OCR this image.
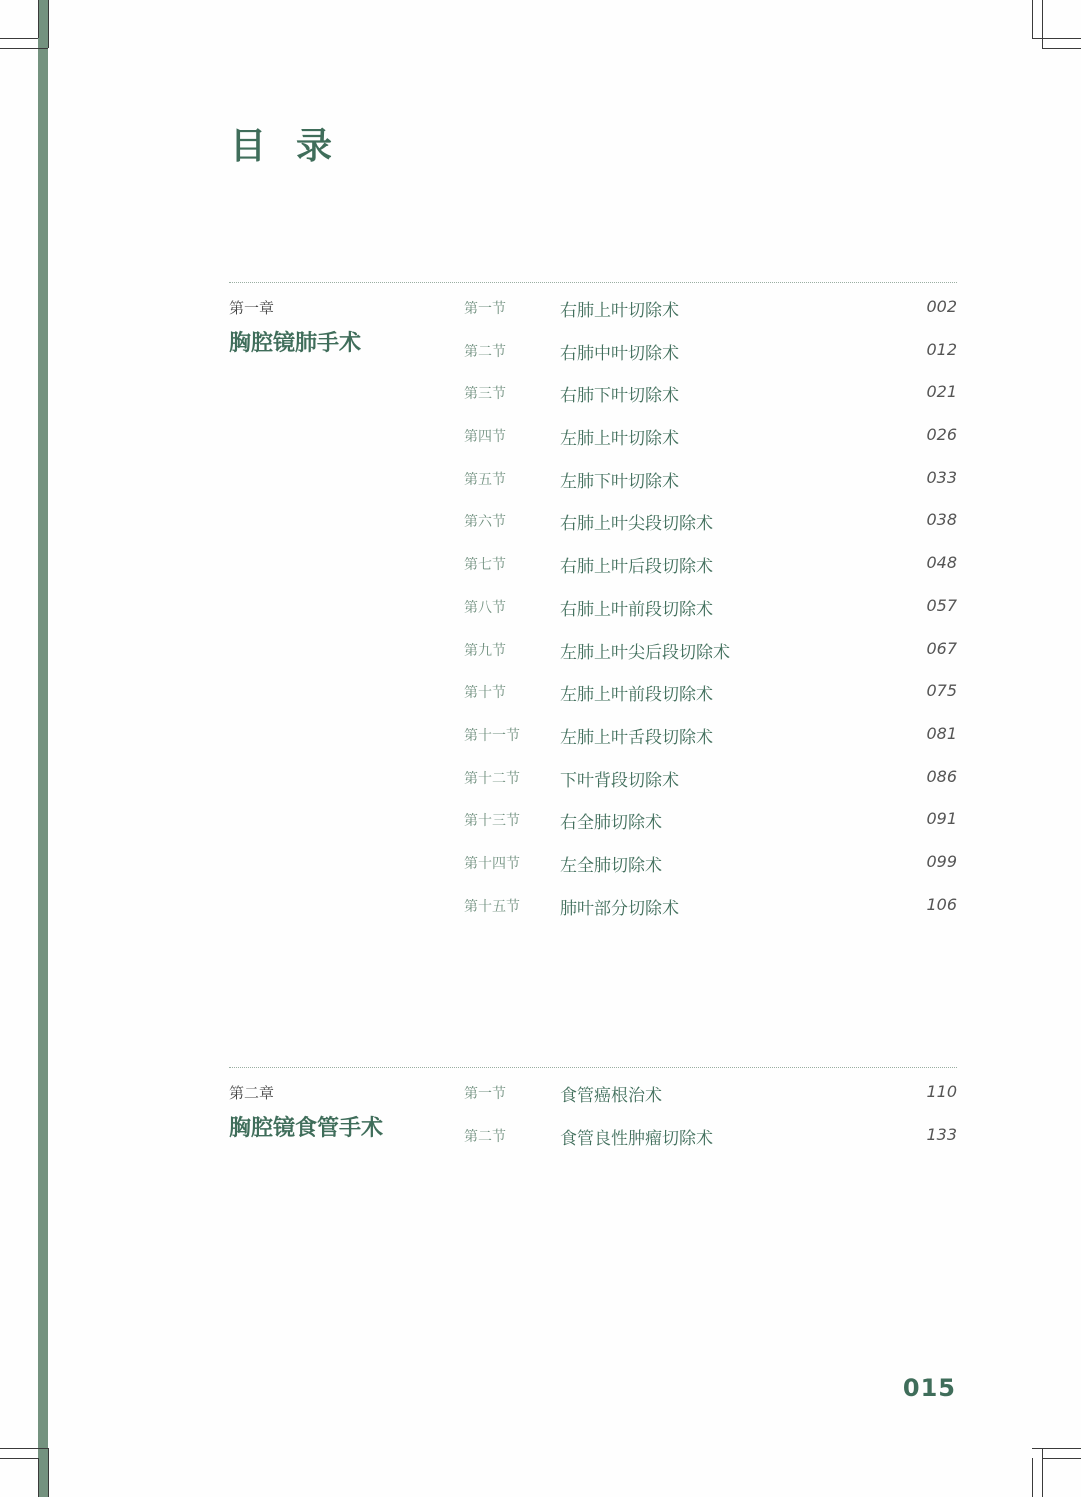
目录
第一章
胸腔镜肺手术
第一节	右肺上叶切除术	002
第二节	右肺中叶切除术	012
第三节	右肺下叶切除术	021
第四节	左肺上叶切除术	026
第五节	左肺下叶切除术	033
第六节	右肺上叶尖段切除术	038
第七节	右肺上叶后段切除术	048
第八节	右肺上叶前段切除术	057
第九节	左肺上叶尖后段切除术	067
第十节	左肺上叶前段切除术	075
第十一节 左肺上叶舌段切除术	081
第十二节 下叶背段切除术	086
第十三节 右全肺切除术	091
第十四节 左全肺切除术	099
第十五节 肺叶部分切除术	106
第二章
胸腔镜食管手术
第一节	食管癌根治术	110
第二节	食管良性肿瘤切除术	133
015
